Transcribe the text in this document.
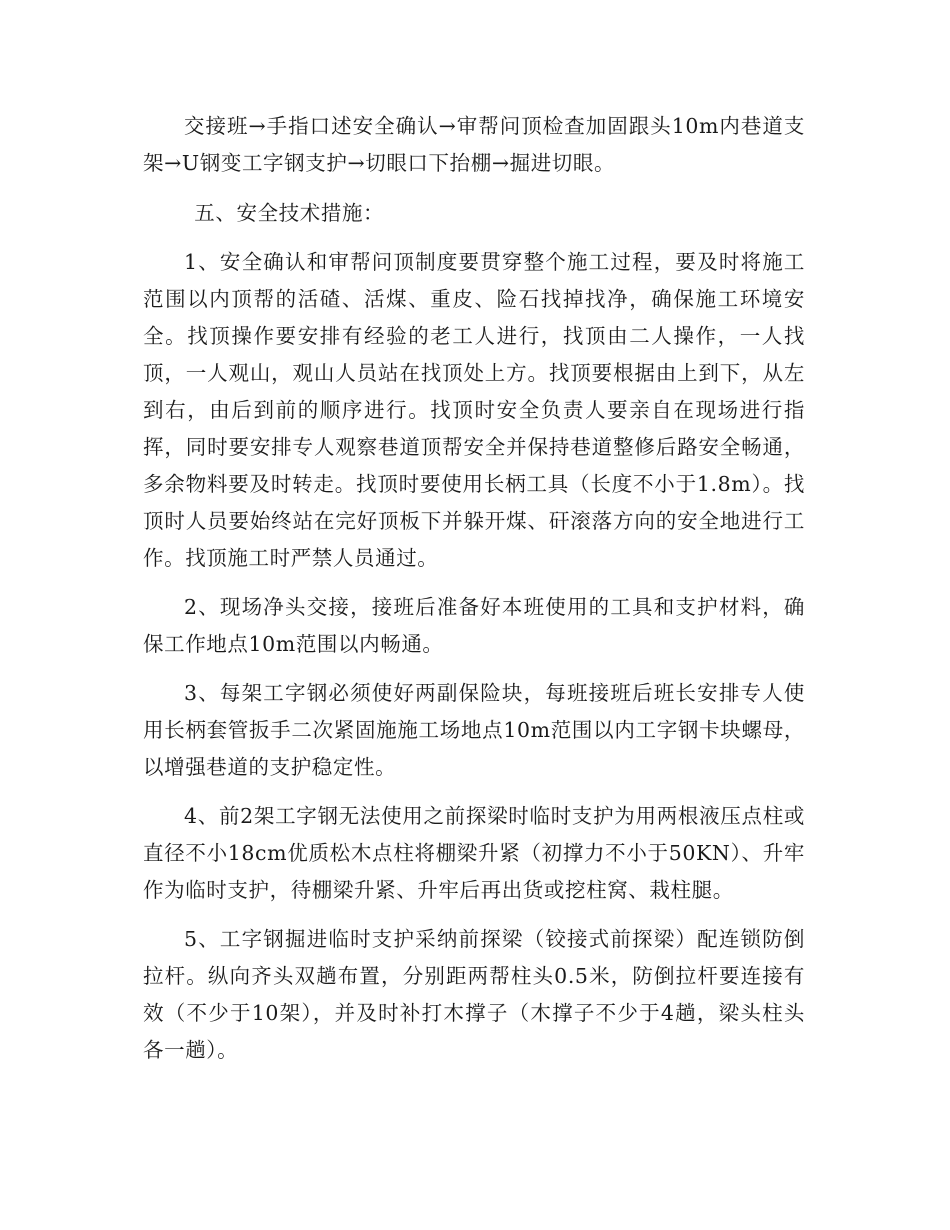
交接班→手指口述安全确认→审帮问顶检查加固跟头10m内巷道支架→U钢变工字钢支护→切眼口下抬棚→掘进切眼。

五、安全技术措施：

1、安全确认和审帮问顶制度要贯穿整个施工过程，要及时将施工范围以内顶帮的活碴、活煤、重皮、险石找掉找净，确保施工环境安全。找顶操作要安排有经验的老工人进行，找顶由二人操作，一人找顶，一人观山，观山人员站在找顶处上方。找顶要根据由上到下，从左到右，由后到前的顺序进行。找顶时安全负责人要亲自在现场进行指挥，同时要安排专人观察巷道顶帮安全并保持巷道整修后路安全畅通，多余物料要及时转走。找顶时要使用长柄工具（长度不小于1.8m）。找顶时人员要始终站在完好顶板下并躲开煤、矸滚落方向的安全地进行工作。找顶施工时严禁人员通过。

2、现场净头交接，接班后准备好本班使用的工具和支护材料，确保工作地点10m范围以内畅通。

3、每架工字钢必须使好两副保险块，每班接班后班长安排专人使用长柄套管扳手二次紧固施施工场地点10m范围以内工字钢卡块螺母，以增强巷道的支护稳定性。

4、前2架工字钢无法使用之前探梁时临时支护为用两根液压点柱或直径不小18cm优质松木点柱将棚梁升紧（初撑力不小于50KN）、升牢作为临时支护，待棚梁升紧、升牢后再出货或挖柱窝、栽柱腿。

5、工字钢掘进临时支护采纳前探梁（铰接式前探梁）配连锁防倒拉杆。纵向齐头双趟布置，分别距两帮柱头0.5米，防倒拉杆要连接有效（不少于10架），并及时补打木撑子（木撑子不少于4趟，梁头柱头各一趟）。
